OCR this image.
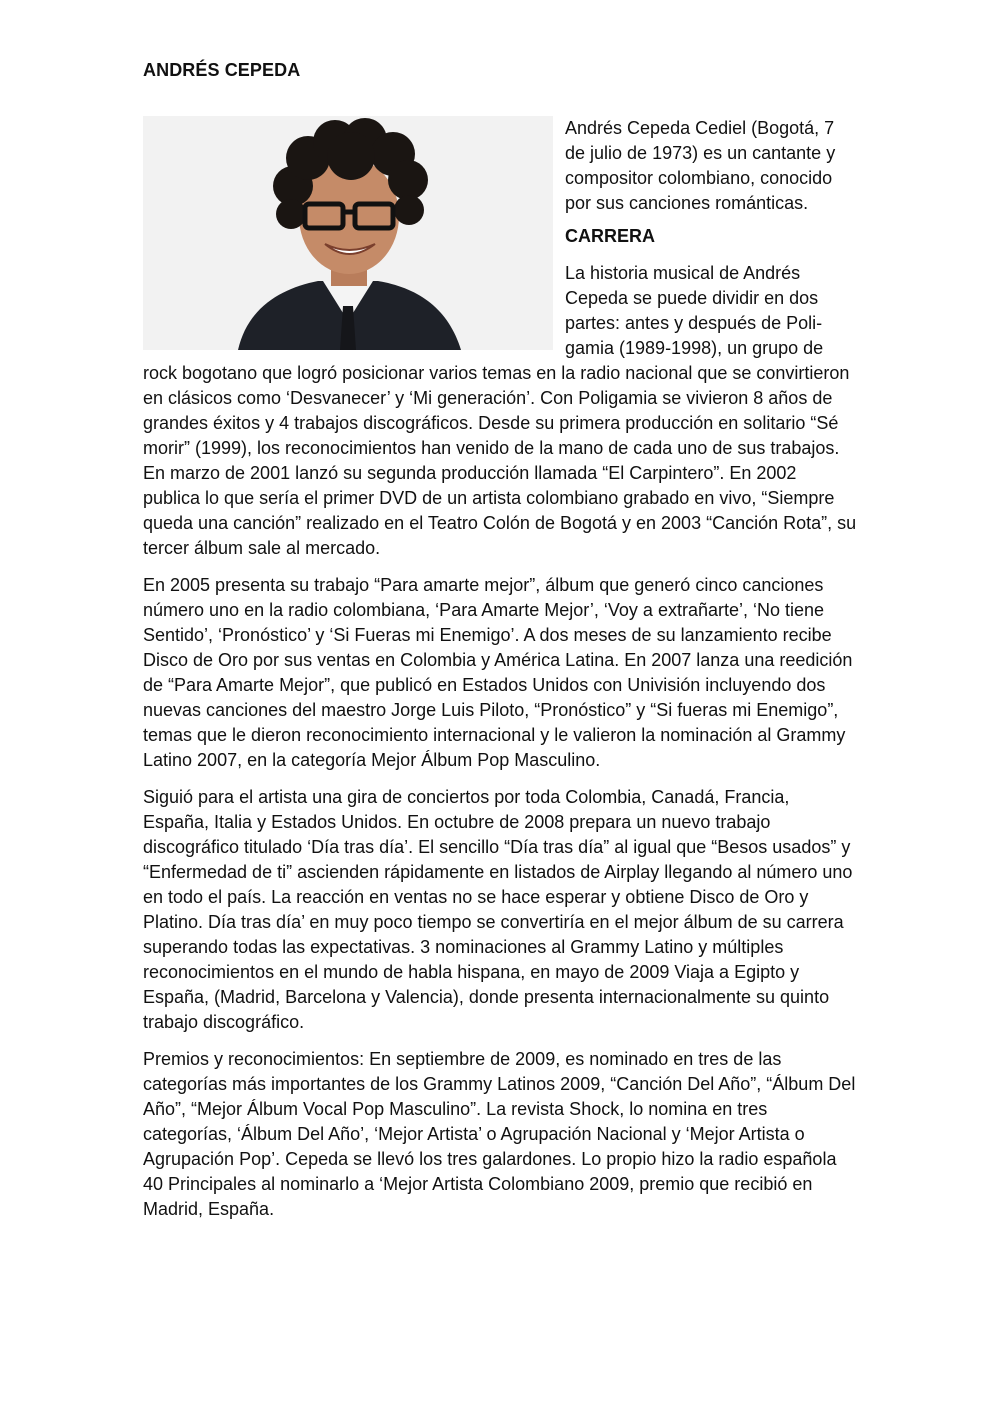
ANDRÉS CEPEDA

Andrés Cepeda Cediel (Bogotá, 7 de julio de 1973) es un cantante y compositor colombiano, conocido por sus canciones románticas.

CARRERA

La historia musical de Andrés Cepeda se puede dividir en dos partes: antes y después de Poligamia (1989-1998), un grupo de rock bogotano que logró posicionar varios temas en la radio nacional que se convirtieron en clásicos como ‘Desvanecer’ y ‘Mi generación’. Con Poligamia se vivieron 8 años de grandes éxitos y 4 trabajos discográficos. Desde su primera producción en solitario “Sé morir” (1999), los reconocimientos han venido de la mano de cada uno de sus trabajos. En marzo de 2001 lanzó su segunda producción llamada “El Carpintero”. En 2002 publica lo que sería el primer DVD de un artista colombiano grabado en vivo, “Siempre queda una canción” realizado en el Teatro Colón de Bogotá y en 2003 “Canción Rota”, su tercer álbum sale al mercado.

En 2005 presenta su trabajo “Para amarte mejor”, álbum que generó cinco canciones número uno en la radio colombiana, ‘Para Amarte Mejor’, ‘Voy a extrañarte’, ‘No tiene Sentido’, ‘Pronóstico’ y ‘Si Fueras mi Enemigo’. A dos meses de su lanzamiento recibe Disco de Oro por sus ventas en Colombia y América Latina. En 2007 lanza una reedición de “Para Amarte Mejor”, que publicó en Estados Unidos con Univisión incluyendo dos nuevas canciones del maestro Jorge Luis Piloto, “Pronóstico” y “Si fueras mi Enemigo”, temas que le dieron reconocimiento internacional y le valieron la nominación al Grammy Latino 2007, en la categoría Mejor Álbum Pop Masculino.

Siguió para el artista una gira de conciertos por toda Colombia, Canadá, Francia, España, Italia y Estados Unidos. En octubre de 2008 prepara un nuevo trabajo discográfico titulado ‘Día tras día’. El sencillo “Día tras día” al igual que “Besos usados” y “Enfermedad de ti” ascienden rápidamente en listados de Airplay llegando al número uno en todo el país. La reacción en ventas no se hace esperar y obtiene Disco de Oro y Platino. Día tras día’ en muy poco tiempo se convertiría en el mejor álbum de su carrera superando todas las expectativas. 3 nominaciones al Grammy Latino y múltiples reconocimientos en el mundo de habla hispana, en mayo de 2009 Viaja a Egipto y España, (Madrid, Barcelona y Valencia), donde presenta internacionalmente su quinto trabajo discográfico.

Premios y reconocimientos: En septiembre de 2009, es nominado en tres de las categorías más importantes de los Grammy Latinos 2009, “Canción Del Año”, “Álbum Del Año”, “Mejor Álbum Vocal Pop Masculino”. La revista Shock, lo nomina en tres categorías, ‘Álbum Del Año’, ‘Mejor Artista’ o Agrupación Nacional y ‘Mejor Artista o Agrupación Pop’. Cepeda se llevó los tres galardones. Lo propio hizo la radio española 40 Principales al nominarlo a ‘Mejor Artista Colombiano 2009, premio que recibió en Madrid, España.
